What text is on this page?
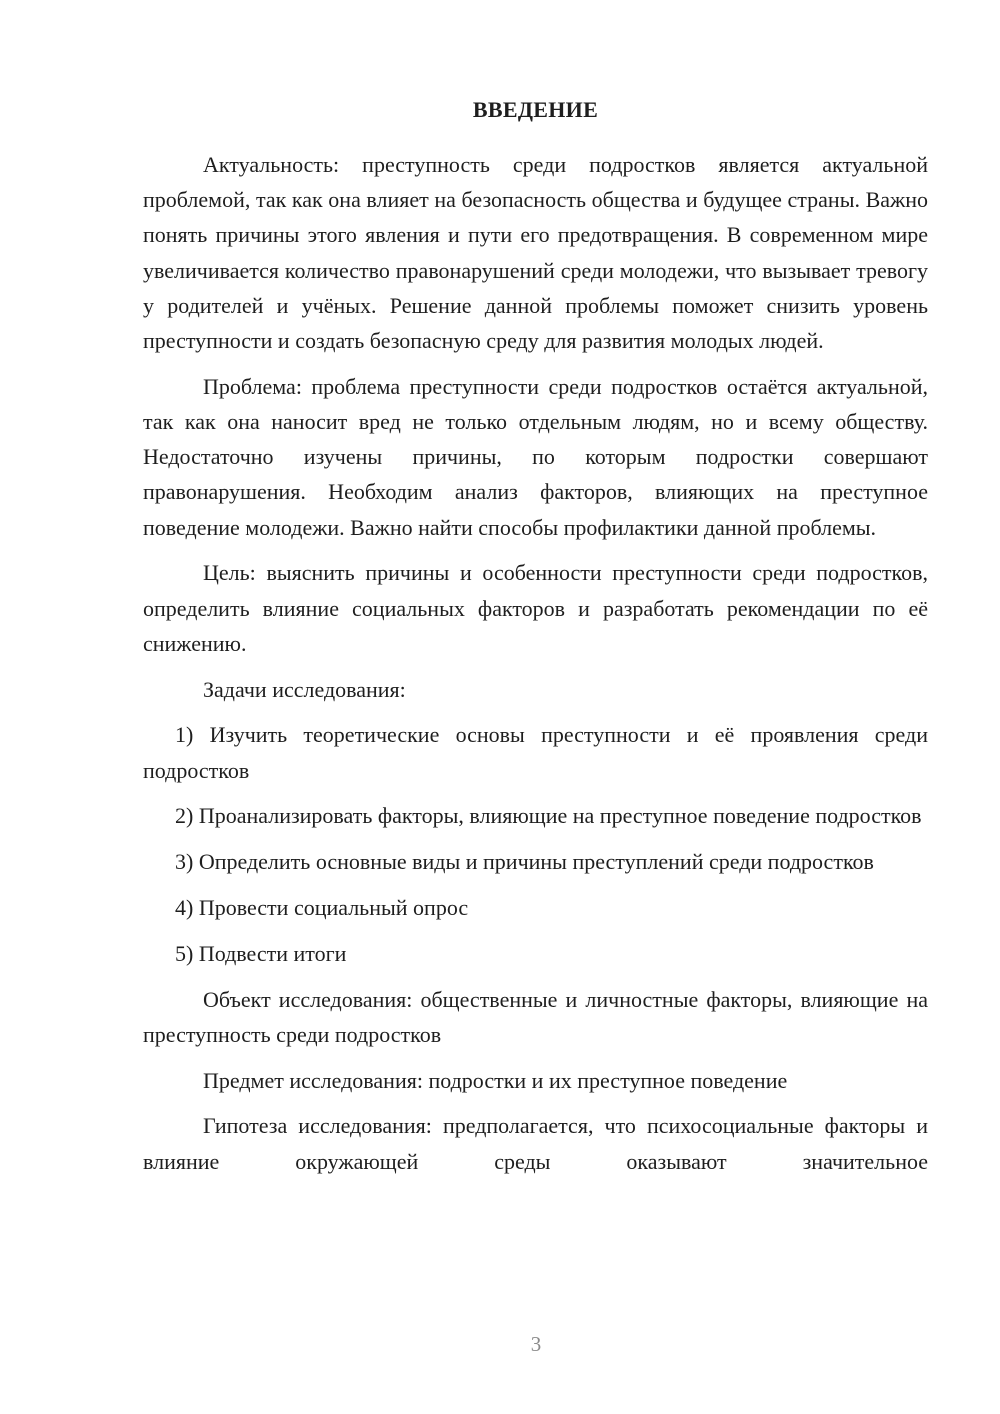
ВВЕДЕНИЕ

Актуальность: преступность среди подростков является актуальной проблемой, так как она влияет на безопасность общества и будущее страны. Важно понять причины этого явления и пути его предотвращения. В современном мире увеличивается количество правонарушений среди молодежи, что вызывает тревогу у родителей и учёных. Решение данной проблемы поможет снизить уровень преступности и создать безопасную среду для развития молодых людей.

Проблема: проблема преступности среди подростков остаётся актуальной, так как она наносит вред не только отдельным людям, но и всему обществу. Недостаточно изучены причины, по которым подростки совершают правонарушения. Необходим анализ факторов, влияющих на преступное поведение молодежи. Важно найти способы профилактики данной проблемы.

Цель: выяснить причины и особенности преступности среди подростков, определить влияние социальных факторов и разработать рекомендации по её снижению.

Задачи исследования:

1) Изучить теоретические основы преступности и её проявления среди подростков

2) Проанализировать факторы, влияющие на преступное поведение подростков

3) Определить основные виды и причины преступлений среди подростков

4) Провести социальный опрос

5) Подвести итоги

Объект исследования: общественные и личностные факторы, влияющие на преступность среди подростков

Предмет исследования: подростки и их преступное поведение

Гипотеза исследования: предполагается, что психосоциальные факторы и влияние окружающей среды оказывают значительное

3
